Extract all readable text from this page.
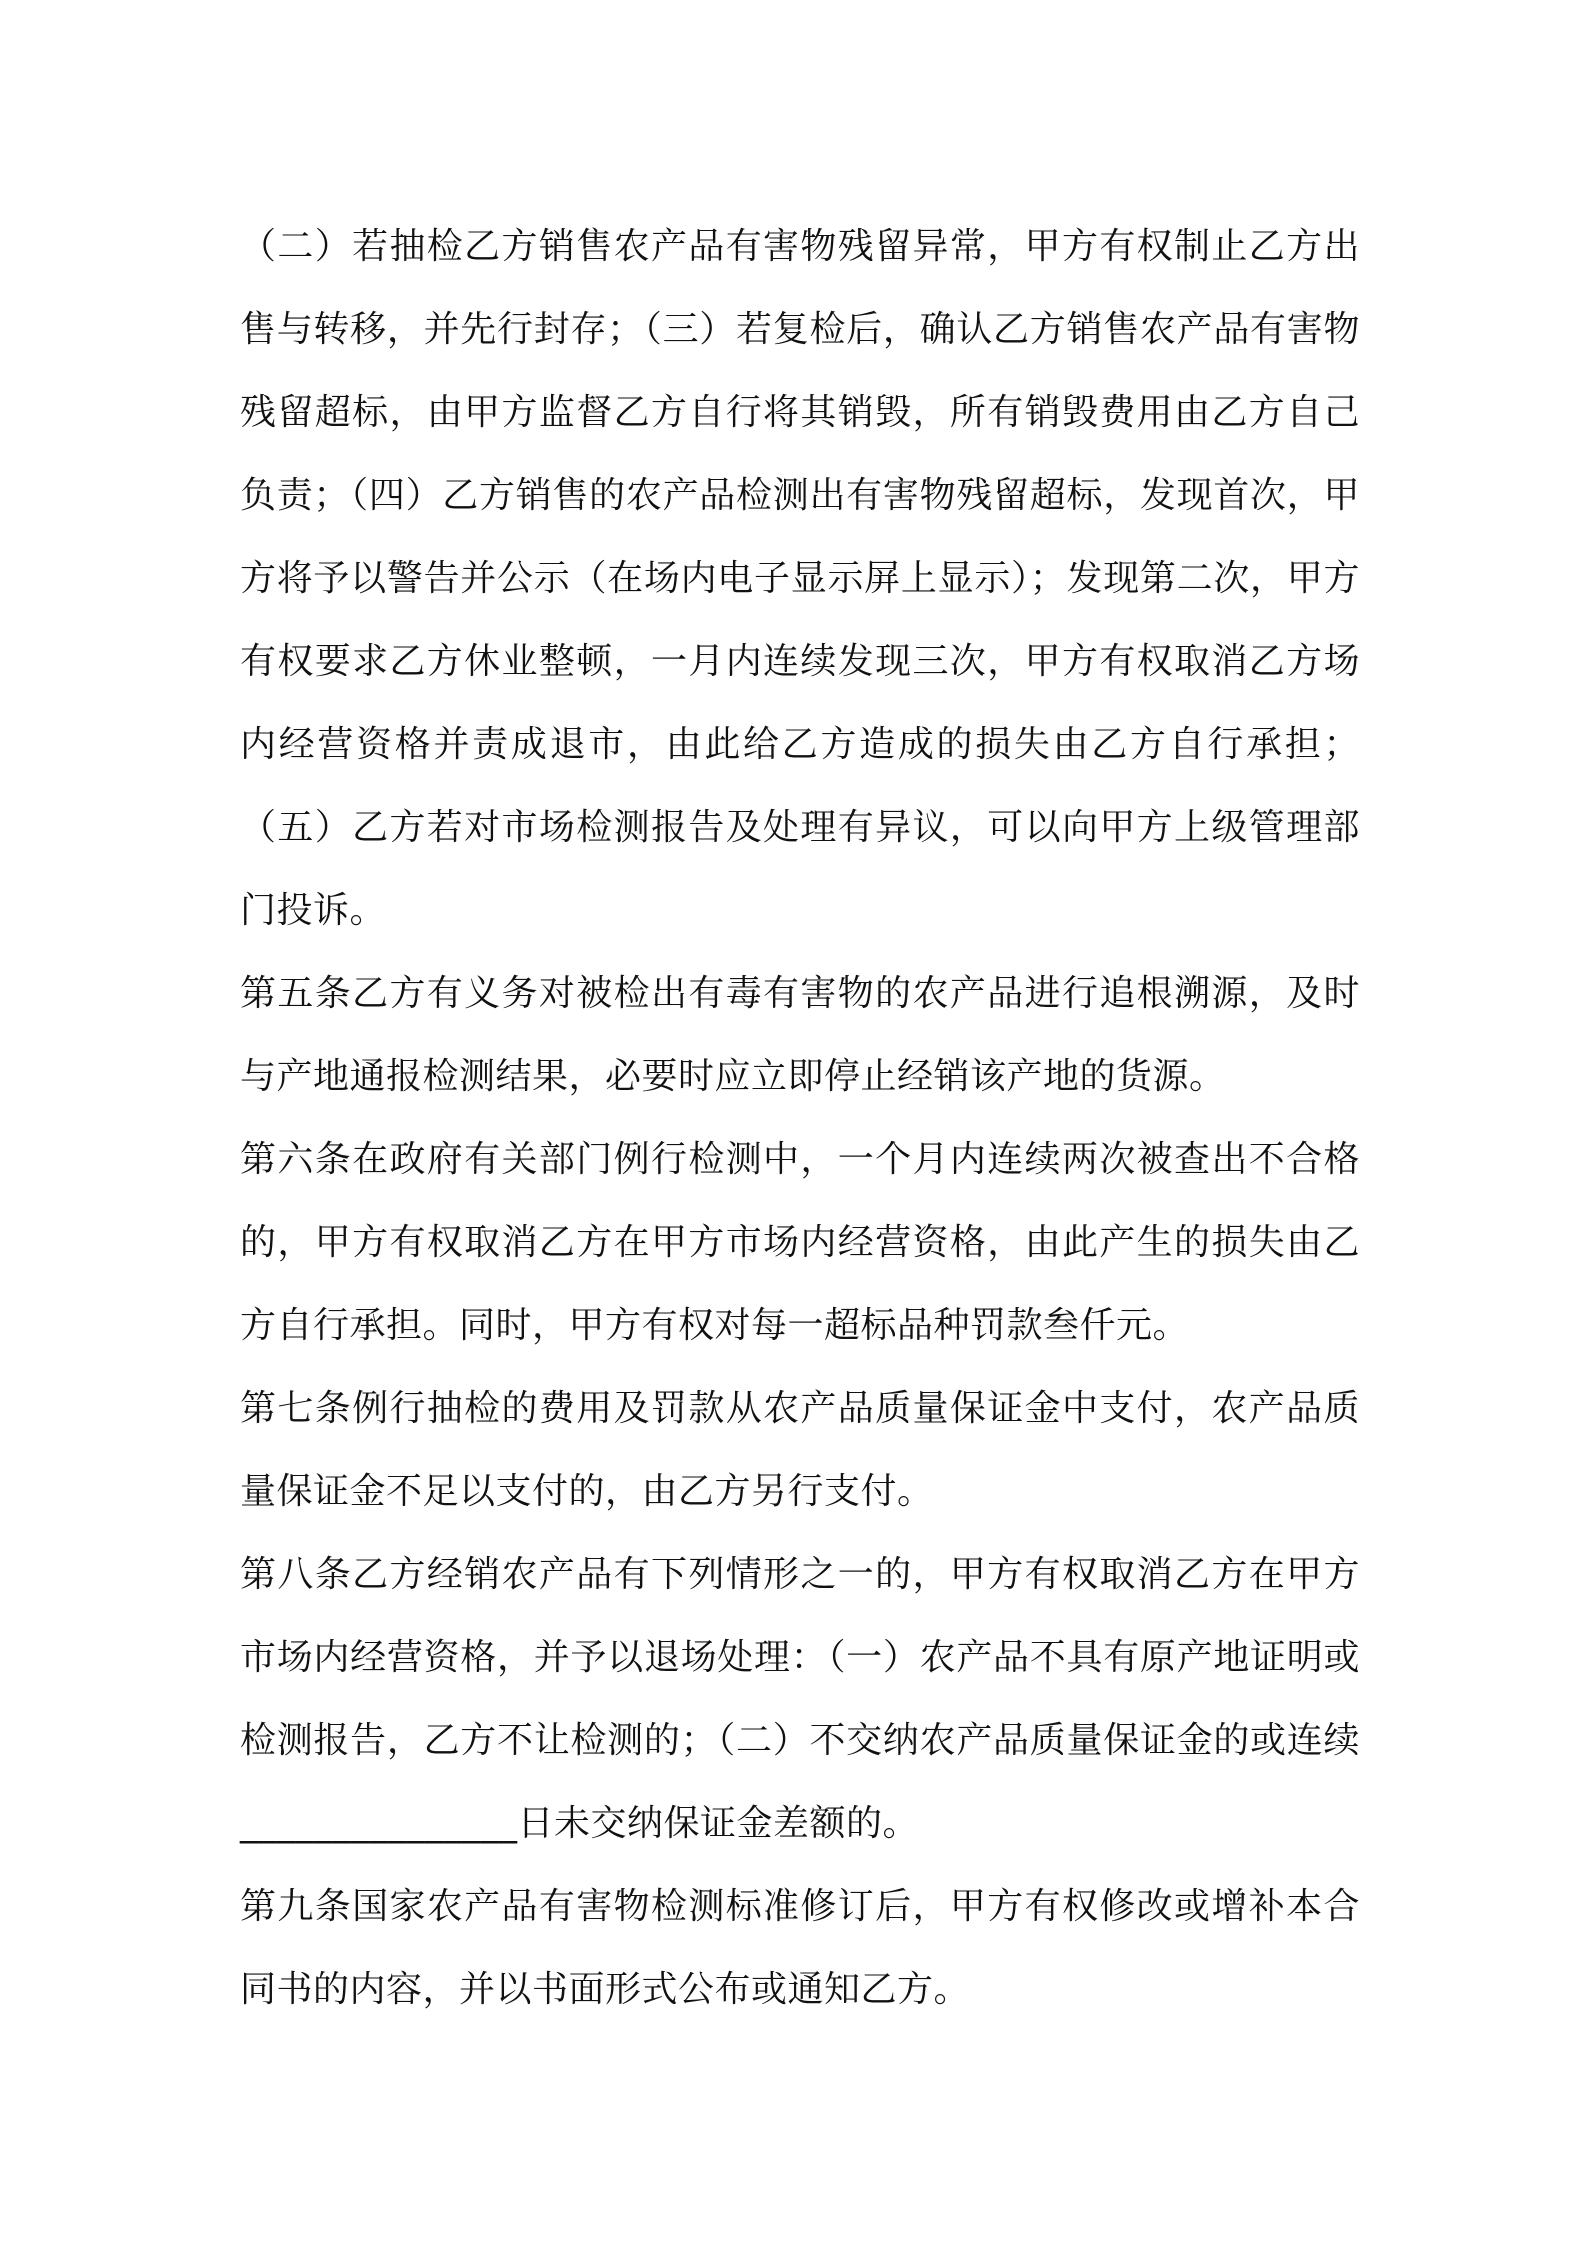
（二）若抽检乙方销售农产品有害物残留异常，甲方有权制止乙方出售与转移，并先行封存；（三）若复检后，确认乙方销售农产品有害物残留超标，由甲方监督乙方自行将其销毁，所有销毁费用由乙方自己负责；（四）乙方销售的农产品检测出有害物残留超标，发现首次，甲方将予以警告并公示（在场内电子显示屏上显示）；发现第二次，甲方有权要求乙方休业整顿，一月内连续发现三次，甲方有权取消乙方场内经营资格并责成退市，由此给乙方造成的损失由乙方自行承担；（五）乙方若对市场检测报告及处理有异议，可以向甲方上级管理部门投诉。

第五条乙方有义务对被检出有毒有害物的农产品进行追根溯源，及时与产地通报检测结果，必要时应立即停止经销该产地的货源。

第六条在政府有关部门例行检测中，一个月内连续两次被查出不合格的，甲方有权取消乙方在甲方市场内经营资格，由此产生的损失由乙方自行承担。同时，甲方有权对每一超标品种罚款叁仟元。

第七条例行抽检的费用及罚款从农产品质量保证金中支付，农产品质量保证金不足以支付的，由乙方另行支付。

第八条乙方经销农产品有下列情形之一的，甲方有权取消乙方在甲方市场内经营资格，并予以退场处理：（一）农产品不具有原产地证明或检测报告，乙方不让检测的；（二）不交纳农产品质量保证金的或连续_______________日未交纳保证金差额的。

第九条国家农产品有害物检测标准修订后，甲方有权修改或增补本合同书的内容，并以书面形式公布或通知乙方。
